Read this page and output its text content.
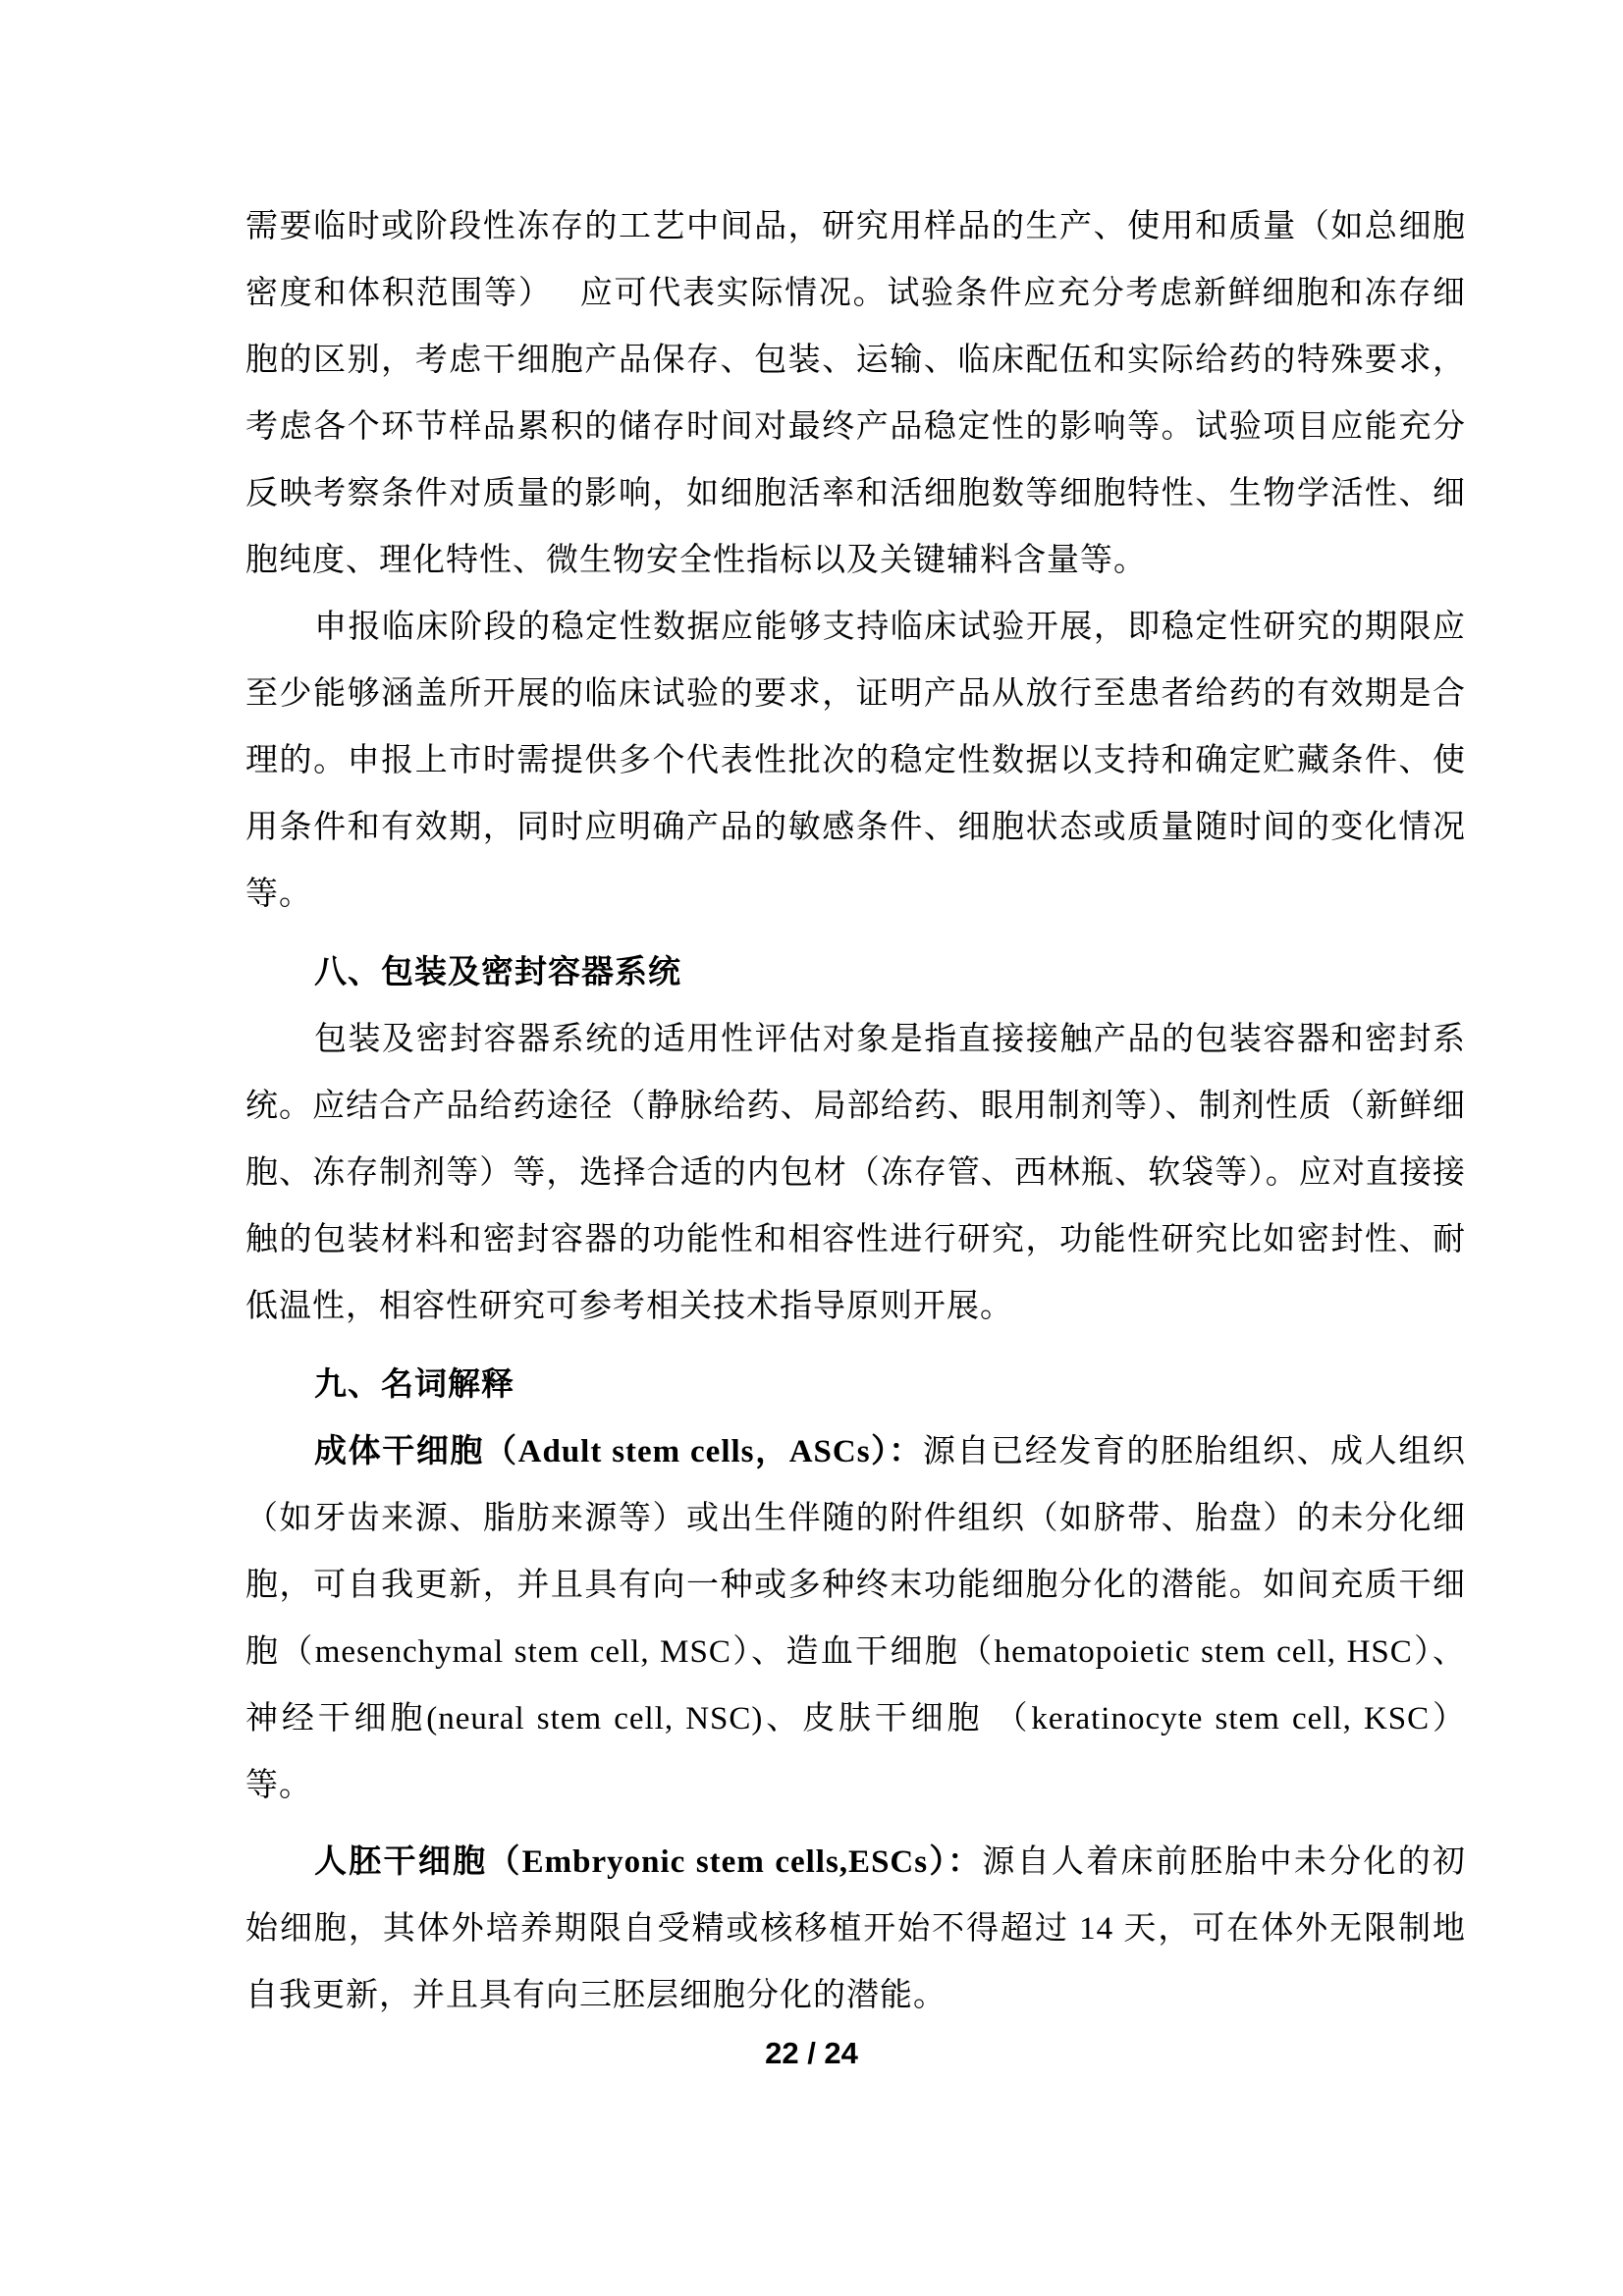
需要临时或阶段性冻存的工艺中间品，研究用样品的生产、使用和质量（如总细胞密度和体积范围等）　 应可代表实际情况。试验条件应充分考虑新鲜细胞和冻存细胞的区别，考虑干细胞产品保存、包装、运输、临床配伍和实际给药的特殊要求，考虑各个环节样品累积的储存时间对最终产品稳定性的影响等。试验项目应能充分反映考察条件对质量的影响，如细胞活率和活细胞数等细胞特性、生物学活性、细胞纯度、理化特性、微生物安全性指标以及关键辅料含量等。

申报临床阶段的稳定性数据应能够支持临床试验开展，即稳定性研究的期限应至少能够涵盖所开展的临床试验的要求，证明产品从放行至患者给药的有效期是合理的。申报上市时需提供多个代表性批次的稳定性数据以支持和确定贮藏条件、使用条件和有效期，同时应明确产品的敏感条件、细胞状态或质量随时间的变化情况等。

八、包装及密封容器系统

包装及密封容器系统的适用性评估对象是指直接接触产品的包装容器和密封系统。应结合产品给药途径（静脉给药、局部给药、眼用制剂等）、制剂性质（新鲜细胞、冻存制剂等）等，选择合适的内包材（冻存管、西林瓶、软袋等）。应对直接接触的包装材料和密封容器的功能性和相容性进行研究，功能性研究比如密封性、耐低温性，相容性研究可参考相关技术指导原则开展。

九、名词解释

成体干细胞（Adult stem cells，ASCs）：源自已经发育的胚胎组织、成人组织（如牙齿来源、脂肪来源等）或出生伴随的附件组织（如脐带、胎盘）的未分化细胞，可自我更新，并且具有向一种或多种终末功能细胞分化的潜能。如间充质干细胞（mesenchymal stem cell, MSC）、造血干细胞（hematopoietic stem cell, HSC）、神经干细胞(neural stem cell, NSC)、皮肤干细胞 （keratinocyte stem cell, KSC）等。

人胚干细胞（Embryonic stem cells,ESCs）：源自人着床前胚胎中未分化的初始细胞，其体外培养期限自受精或核移植开始不得超过 14 天，可在体外无限制地自我更新，并且具有向三胚层细胞分化的潜能。

22 / 24
